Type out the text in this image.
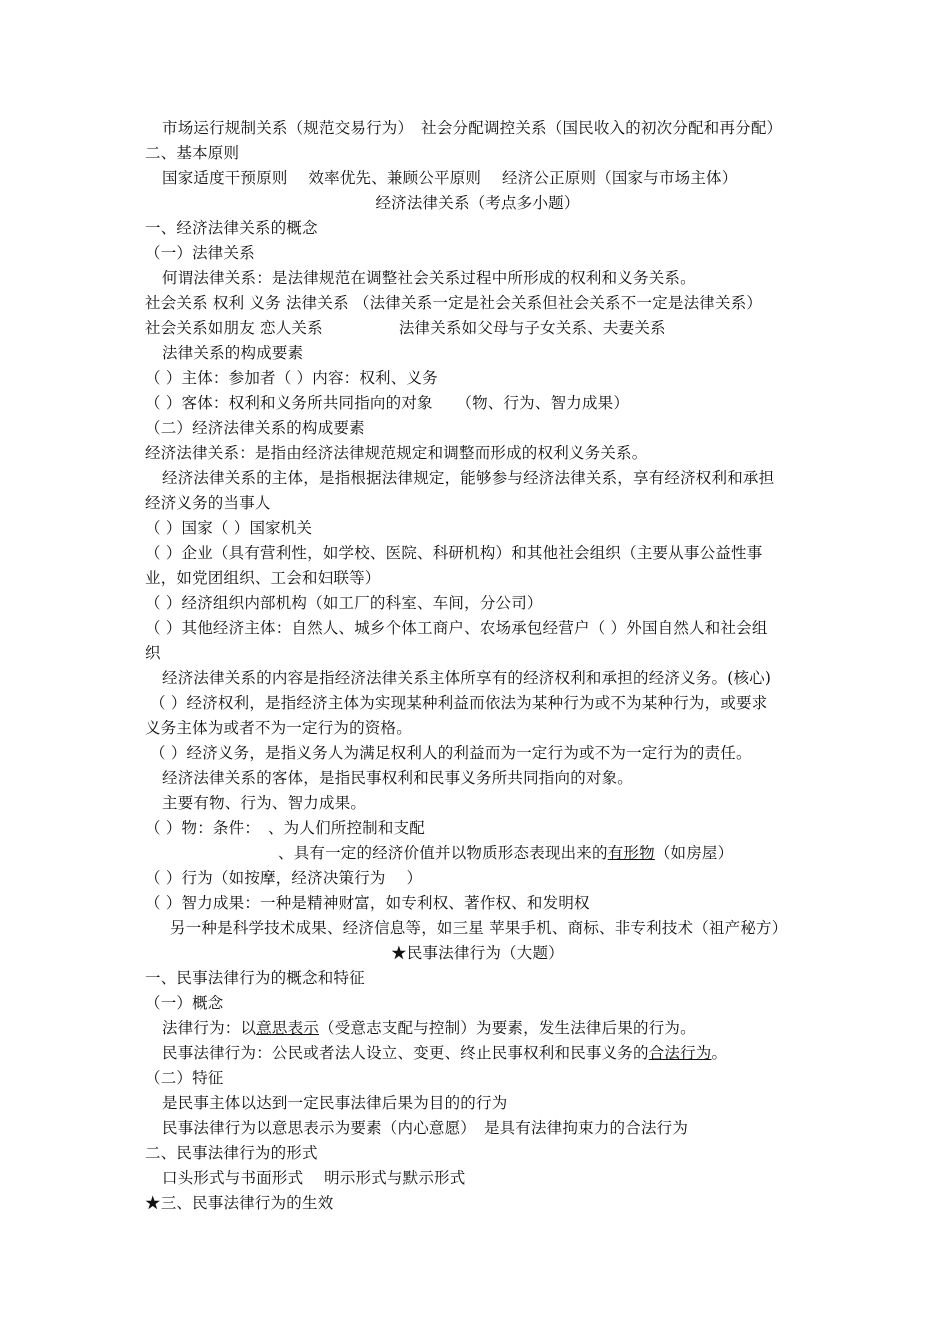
市场运行规制关系（规范交易行为）　社会分配调控关系（国民收入的初次分配和再分配）
二、基本原则
国家适度干预原则　 效率优先、兼顾公平原则　 经济公正原则（国家与市场主体）
经济法律关系（考点多小题）
一、经济法律关系的概念
（一）法律关系
何谓法律关系：是法律规范在调整社会关系过程中所形成的权利和义务关系。
社会关系 权利 义务 法律关系 （法律关系一定是社会关系但社会关系不一定是法律关系）
社会关系如朋友 恋人关系	法律关系如父母与子女关系、夫妻关系
法律关系的构成要素
（ ）主体：参加者（ ）内容：权利、义务
（ ）客体：权利和义务所共同指向的对象　　（物、行为、智力成果）
（二）经济法律关系的构成要素
经济法律关系：是指由经济法律规范规定和调整而形成的权利义务关系。
经济法律关系的主体，是指根据法律规定，能够参与经济法律关系，享有经济权利和承担
经济义务的当事人
（ ）国家（ ）国家机关
（ ）企业（具有营利性，如学校、医院、科研机构）和其他社会组织（主要从事公益性事
业，如党团组织、工会和妇联等）
（ ）经济组织内部机构（如工厂的科室、车间，分公司）
（ ）其他经济主体：自然人、城乡个体工商户、农场承包经营户（ ）外国自然人和社会组
织
经济法律关系的内容是指经济法律关系主体所享有的经济权利和承担的经济义务。(核心)
（ ）经济权利，是指经济主体为实现某种利益而依法为某种行为或不为某种行为，或要求
义务主体为或者不为一定行为的资格。
（ ）经济义务，是指义务人为满足权利人的利益而为一定行为或不为一定行为的责任。
经济法律关系的客体，是指民事权利和民事义务所共同指向的对象。
主要有物、行为、智力成果。
（ ）物：条件：　、为人们所控制和支配
、具有一定的经济价值并以物质形态表现出来的有形物（如房屋）
（ ）行为（如按摩，经济决策行为　 ）
（ ）智力成果：一种是精神财富，如专利权、著作权、和发明权
另一种是科学技术成果、经济信息等，如三星 苹果手机、商标、非专利技术（祖产秘方）
★民事法律行为（大题）
一、民事法律行为的概念和特征
（一）概念
法律行为：以意思表示（受意志支配与控制）为要素，发生法律后果的行为。
民事法律行为：公民或者法人设立、变更、终止民事权利和民事义务的合法行为。
（二）特征
是民事主体以达到一定民事法律后果为目的的行为
民事法律行为以意思表示为要素（内心意愿）　是具有法律拘束力的合法行为
二、民事法律行为的形式
口头形式与书面形式　 明示形式与默示形式
★三、民事法律行为的生效
